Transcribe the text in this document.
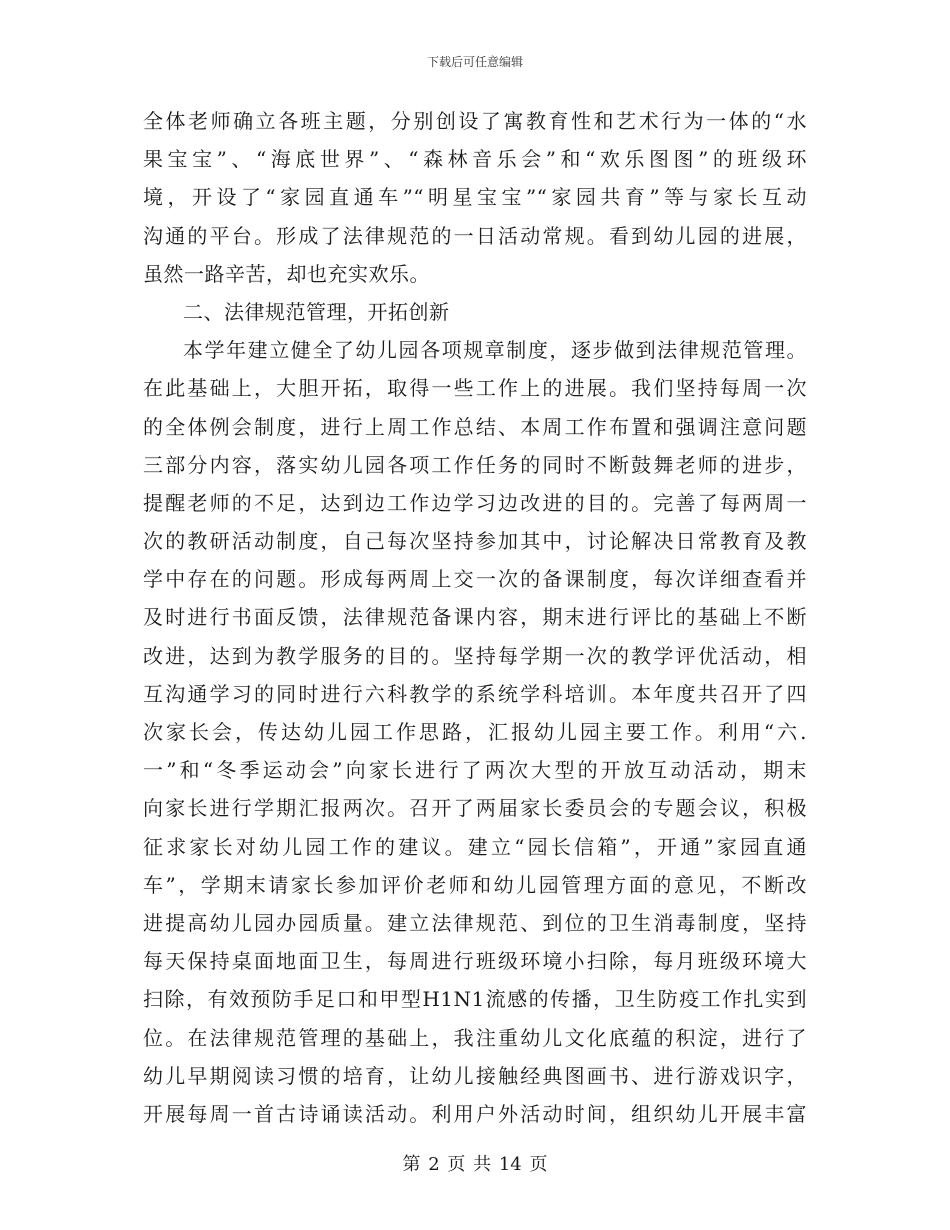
下载后可任意编辑
全体老师确立各班主题，分别创设了寓教育性和艺术行为一体的“水
果宝宝”、“海底世界”、“森林音乐会”和“欢乐图图”的班级环
境，开设了“家园直通车”“明星宝宝”“家园共育”等与家长互动
沟通的平台。形成了法律规范的一日活动常规。看到幼儿园的进展，
虽然一路辛苦，却也充实欢乐。
二、法律规范管理，开拓创新
本学年建立健全了幼儿园各项规章制度，逐步做到法律规范管理。
在此基础上，大胆开拓，取得一些工作上的进展。我们坚持每周一次
的全体例会制度，进行上周工作总结、本周工作布置和强调注意问题
三部分内容，落实幼儿园各项工作任务的同时不断鼓舞老师的进步，
提醒老师的不足，达到边工作边学习边改进的目的。完善了每两周一
次的教研活动制度，自己每次坚持参加其中，讨论解决日常教育及教
学中存在的问题。形成每两周上交一次的备课制度，每次详细查看并
及时进行书面反馈，法律规范备课内容，期末进行评比的基础上不断
改进，达到为教学服务的目的。坚持每学期一次的教学评优活动，相
互沟通学习的同时进行六科教学的系统学科培训。本年度共召开了四
次家长会，传达幼儿园工作思路，汇报幼儿园主要工作。利用“六.
一”和“冬季运动会”向家长进行了两次大型的开放互动活动，期末
向家长进行学期汇报两次。召开了两届家长委员会的专题会议，积极
征求家长对幼儿园工作的建议。建立“园长信箱”，开通”家园直通
车”，学期末请家长参加评价老师和幼儿园管理方面的意见，不断改
进提高幼儿园办园质量。建立法律规范、到位的卫生消毒制度，坚持
每天保持桌面地面卫生，每周进行班级环境小扫除，每月班级环境大
扫除，有效预防手足口和甲型H1N1流感的传播，卫生防疫工作扎实到
位。在法律规范管理的基础上，我注重幼儿文化底蕴的积淀，进行了
幼儿早期阅读习惯的培育，让幼儿接触经典图画书、进行游戏识字，
开展每周一首古诗诵读活动。利用户外活动时间，组织幼儿开展丰富
第 2 页 共 14 页
